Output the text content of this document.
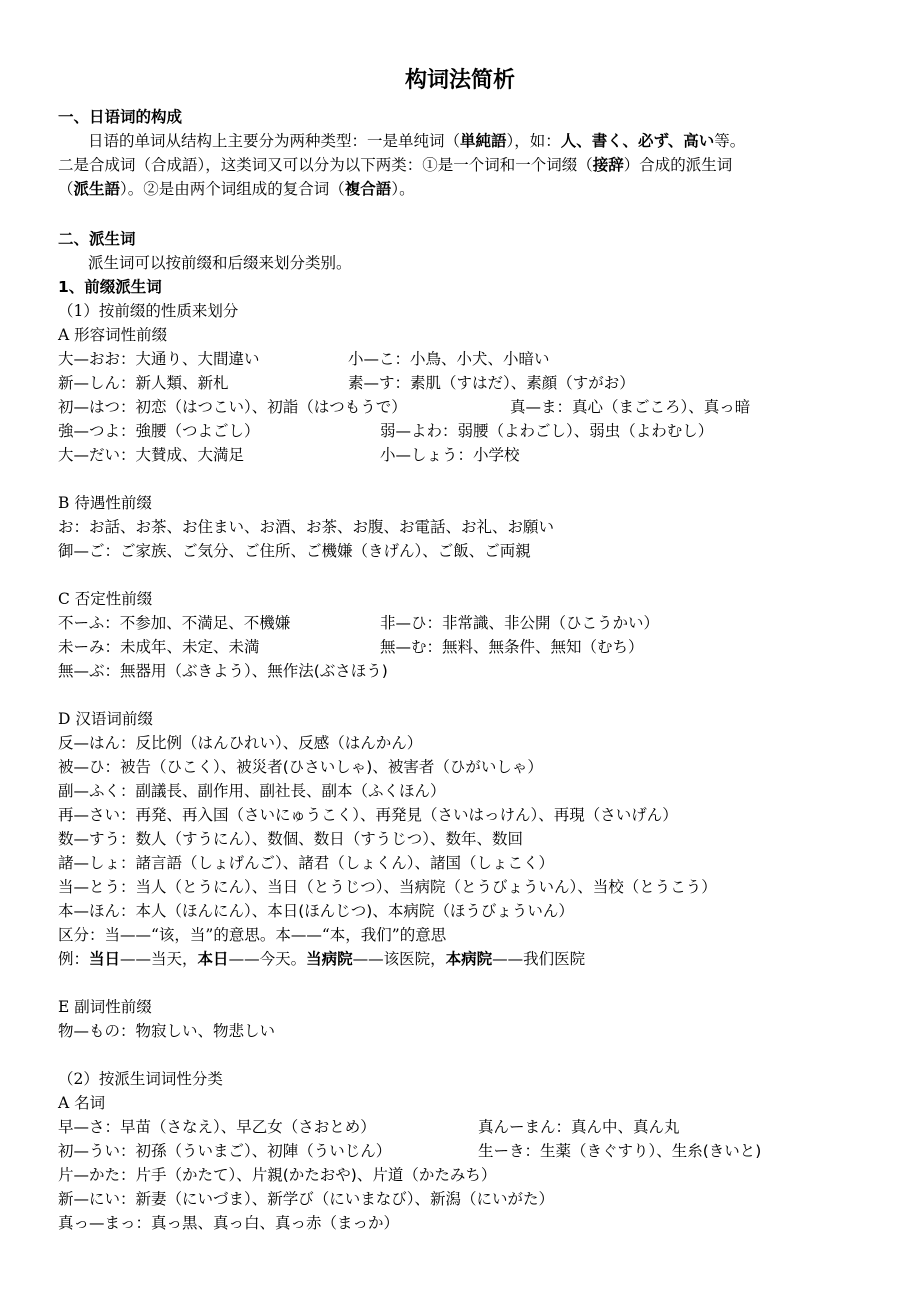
构词法简析
一、日语词的构成
日语的单词从结构上主要分为两种类型：一是单纯词（単純語），如：人、書く、必ず、高い等。
二是合成词（合成語），这类词又可以分为以下两类：①是一个词和一个词缀（接辞）合成的派生词
（派生語）。②是由两个词组成的复合词（複合語）。
二、派生词
派生词可以按前缀和后缀来划分类别。
1、前缀派生词
（1）按前缀的性质来划分
A 形容词性前缀
大—おお：大通り、大間違い	小—こ：小鳥、小犬、小暗い
新—しん：新人類、新札	素—す：素肌（すはだ）、素顔（すがお）
初—はつ：初恋（はつこい）、初詣（はつもうで）	真—ま：真心（まごころ）、真っ暗
強—つよ：強腰（つよごし）	弱—よわ：弱腰（よわごし）、弱虫（よわむし）
大—だい：大賛成、大満足	小—しょう：小学校
B 待遇性前缀
お：お話、お茶、お住まい、お酒、お茶、お腹、お電話、お礼、お願い
御—ご：ご家族、ご気分、ご住所、ご機嫌（きげん）、ご飯、ご両親
C 否定性前缀
不ーふ：不参加、不満足、不機嫌	非—ひ：非常識、非公開（ひこうかい）
未ーみ：未成年、未定、未満	無—む：無料、無条件、無知（むち）
無—ぶ：無器用（ぶきよう）、無作法(ぶさほう)
D 汉语词前缀
反—はん：反比例（はんひれい）、反感（はんかん）
被—ひ：被告（ひこく）、被災者(ひさいしゃ)、被害者（ひがいしゃ）
副—ふく：副議長、副作用、副社長、副本（ふくほん）
再—さい：再発、再入国（さいにゅうこく）、再発見（さいはっけん）、再現（さいげん）
数—すう：数人（すうにん）、数個、数日（すうじつ）、数年、数回
諸—しょ：諸言語（しょげんご）、諸君（しょくん）、諸国（しょこく）
当—とう：当人（とうにん）、当日（とうじつ）、当病院（とうびょういん）、当校（とうこう）
本—ほん：本人（ほんにん）、本日(ほんじつ)、本病院（ほうびょういん）
区分：当——“该，当”的意思。本——“本，我们”的意思
例：当日——当天，本日——今天。当病院——该医院，本病院——我们医院
E 副词性前缀
物—もの：物寂しい、物悲しい
（2）按派生词词性分类
A 名词
早—さ：早苗（さなえ）、早乙女（さおとめ）	真んーまん：真ん中、真ん丸
初—うい：初孫（ういまご）、初陣（ういじん）	生ーき：生薬（きぐすり）、生糸(きいと)
片—かた：片手（かたて）、片親(かたおや)、片道（かたみち）
新—にい：新妻（にいづま）、新学び（にいまなび）、新潟（にいがた）
真っ—まっ：真っ黒、真っ白、真っ赤（まっか）
